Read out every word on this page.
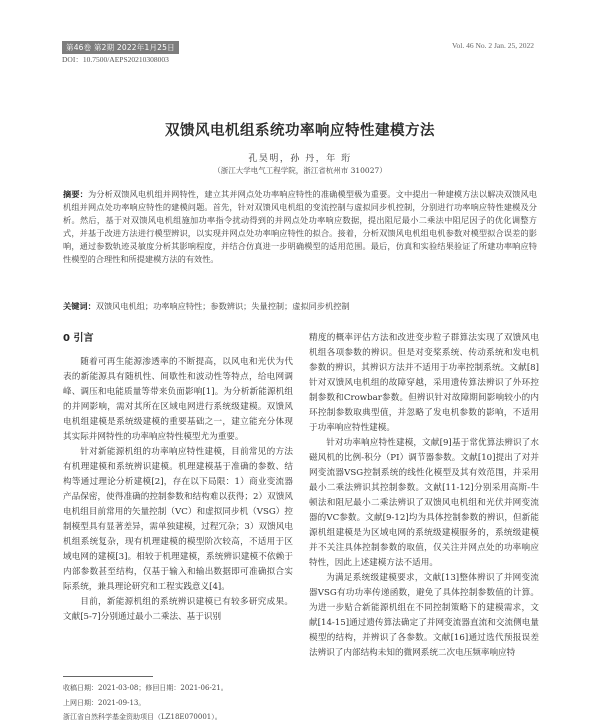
第46卷 第2期 2022年1月25日	Vol. 46 No. 2 Jan. 25, 2022
DOI：10.7500/AEPS20210308003
双馈风电机组系统功率响应特性建模方法
孔昊明，孙 丹，年 珩
（浙江大学电气工程学院，浙江省杭州市 310027）
摘要：为分析双馈风电机组并网特性，建立其并网点处功率响应特性的准确模型极为重要。文中提出一种建模方法以解决双馈风电机组并网点处功率响应特性的建模问题。首先，针对双馈风电机组的变流控制与虚拟同步机控制，分别进行功率响应特性建模及分析。然后，基于对双馈风电机组施加功率指令扰动得到的并网点处功率响应数据，提出阻尼最小二乘法中阻尼因子的优化调整方式，并基于改进方法进行模型辨识，以实现并网点处功率响应特性的拟合。接着，分析双馈风电机组电机参数对模型拟合误差的影响，通过参数轨迹灵敏度分析其影响程度，并结合仿真进一步明确模型的适用范围。最后，仿真和实验结果验证了所建功率响应特性模型的合理性和所提建模方法的有效性。
关键词：双馈风电机组；功率响应特性；参数辨识；失量控制；虚拟同步机控制
0 引言

随着可再生能源渗透率的不断提高，以风电和光伏为代表的新能源具有随机性、间歇性和波动性等特点，给电网调峰、调压和电能质量等带来负面影响[1]。为分析新能源机组的并网影响，需对其所在区域电网进行系统级建模。双馈风电机组建模是系统级建模的重要基础之一，建立能充分体现其实际并网特性的功率响应特性模型尤为重要。

针对新能源机组的功率响应特性建模，目前常见的方法有机理建模和系统辨识建模。机理建模基于准确的参数、结构等通过理论分析建模[2]，存在以下局限：1）商业变流器产品保密，使得准确的控制参数和结构难以获得；2）双馈风电机组目前常用的矢量控制（VC）和虚拟同步机（VSG）控制模型具有显著差异，需单独建模，过程冗杂；3）双馈风电机组系统复杂，现有机理建模的模型阶次较高，不适用于区域电网的建模[3]。相较于机理建模，系统辨识建模不依赖于内部参数甚至结构，仅基于输入和输出数据即可准确拟合实际系统，兼具理论研究和工程实践意义[4]。

目前，新能源机组的系统辨识建模已有较多研究成果。文献[5-7]分别通过最小二乘法、基于识别

精度的概率评估方法和改进变步粒子群算法实现了双馈风电机组各项参数的辨识。但是对变桨系统、传动系统和发电机参数的辨识，其辨识方法并不适用于功率控制系统。文献[8]针对双馈风电机组的故障穿越，采用遗传算法辨识了外环控制参数和Crowbar参数。但辨识针对故障期间影响较小的内环控制参数取典型值，并忽略了发电机参数的影响，不适用于功率响应特性建模。

针对功率响应特性建模，文献[9]基于常优算法辨识了水磁风机的比例-积分（PI）调节器参数。文献[10]提出了对并网变流器VSG控制系统的线性化模型及其有效范围，并采用最小二乘法辨识其控制参数。文献[11-12]分别采用高斯-牛顿法和阻尼最小二乘法辨识了双馈风电机组和光伏并网变流器的VC参数。文献[9-12]均为具体控制参数的辨识，但新能源机组建模是为区域电网的系统级建模服务的，系统级建模并不关注具体控制参数的取值，仅关注并网点处的功率响应特性，因此上述建模方法不适用。

为满足系统级建模要求，文献[13]整体辨识了并网变流器VSG有功功率传递函数，避免了具体控制参数值的计算。为进一步贴合新能源机组在不同控制策略下的建模需求，文献[14-15]通过遗传算法确定了并网变流器直流和交流侧电量模型的结构，并辨识了各参数。文献[16]通过选代预报误差法辨识了内部结构未知的微网系统二次电压频率响应特

收稿日期：2021-03-08；修回日期：2021-06-21。
上网日期：2021-09-13。
浙江省自然科学基金资助项目（LZ18E070001）。
